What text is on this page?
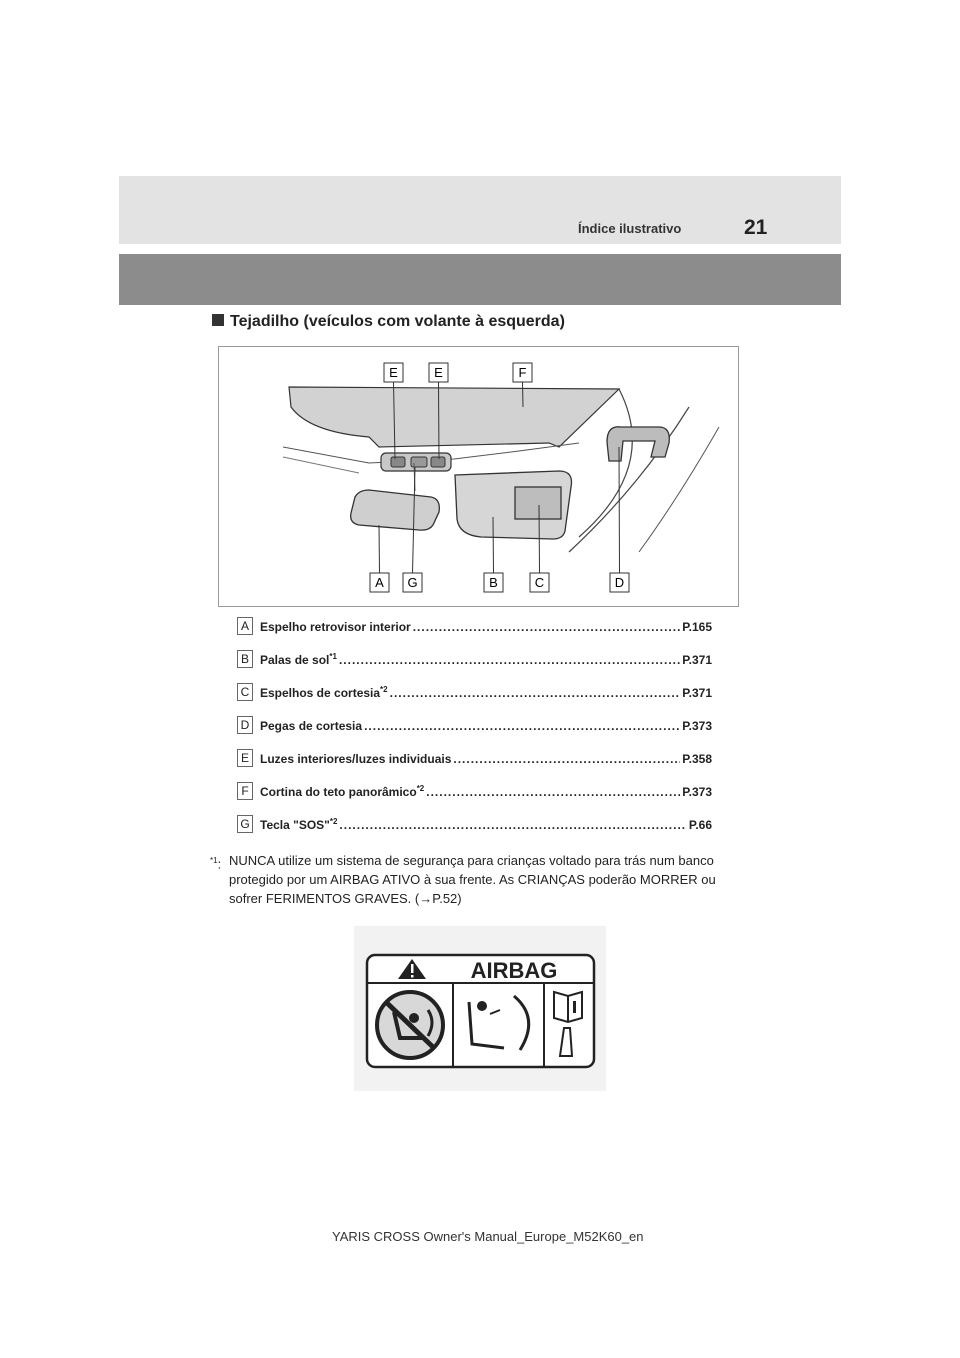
Índice ilustrativo	21
Tejadilho (veículos com volante à esquerda)
E	E	F
A G	B	C	D
A Espelho retrovisor interior .....	P.165
B Palas de sol$^{*1}$ .....	P.371
C Espelhos de cortesia$^{*2}$ .....	P.371
D Pegas de cortesia .....	P.373
E Luzes interiores/luzes individuais .....	P.358
F Cortina do teto panorâmico$^{*2}$ .....	P.373
G Tecla "SOS"$^{*2}$ .....	P.66
$^{*1}$: NUNCA utilize um sistema de segurança para crianças voltado para trás num banco protegido por um AIRBAG ATIVO à sua frente. As CRIANÇAS poderão MORRER ou sofrer FERIMENTOS GRAVES. (→P.52)
AIRBAG
YARIS CROSS Owner's Manual_Europe_M52K60_en
